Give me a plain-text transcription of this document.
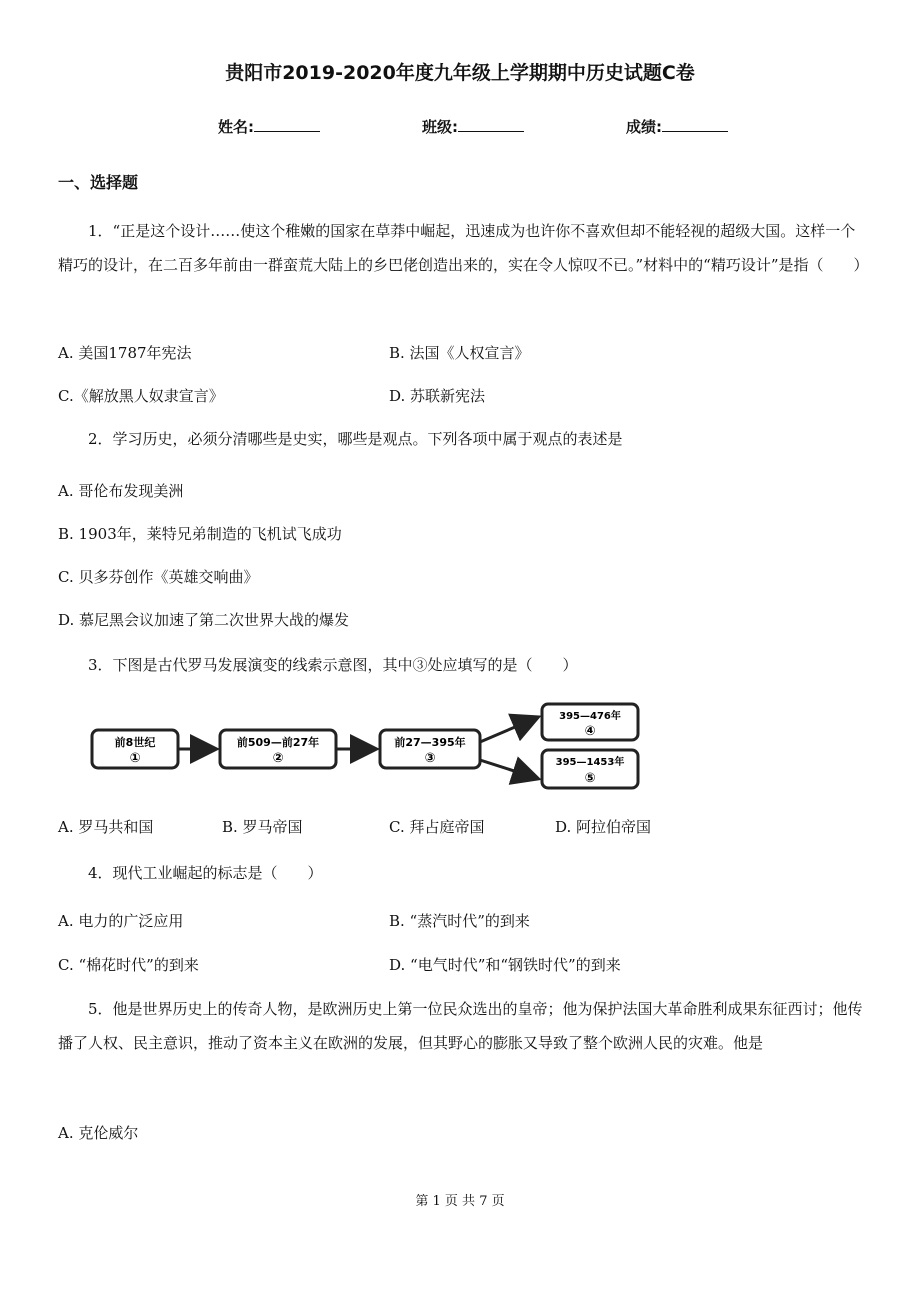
贵阳市2019-2020年度九年级上学期期中历史试题C卷
姓名:	班级:	成绩:
一、选择题
1．“正是这个设计……使这个稚嫩的国家在草莽中崛起，迅速成为也许你不喜欢但却不能轻视的超级大国。这样一个精巧的设计，在二百多年前由一群蛮荒大陆上的乡巴佬创造出来的，实在令人惊叹不已。”材料中的“精巧设计”是指（　　）
A. 美国1787年宪法	B. 法国《人权宣言》
C.《解放黑人奴隶宣言》	D. 苏联新宪法
2．学习历史，必须分清哪些是史实，哪些是观点。下列各项中属于观点的表述是
A. 哥伦布发现美洲
B. 1903年，莱特兄弟制造的飞机试飞成功
C. 贝多芬创作《英雄交响曲》
D. 慕尼黑会议加速了第二次世界大战的爆发
3．下图是古代罗马发展演变的线索示意图，其中③处应填写的是（　　）
前8世纪
①
前509—前27年
②
前27—395年
③
395—476年
④
395—1453年
⑤
A. 罗马共和国	B. 罗马帝国	C. 拜占庭帝国	D. 阿拉伯帝国
4．现代工业崛起的标志是（　　）
A. 电力的广泛应用	B. “蒸汽时代”的到来
C. “棉花时代”的到来	D. “电气时代”和“钢铁时代”的到来
5．他是世界历史上的传奇人物，是欧洲历史上第一位民众选出的皇帝；他为保护法国大革命胜利成果东征西讨；他传播了人权、民主意识，推动了资本主义在欧洲的发展，但其野心的膨胀又导致了整个欧洲人民的灾难。他是
A. 克伦威尔
第 1 页 共 7 页
